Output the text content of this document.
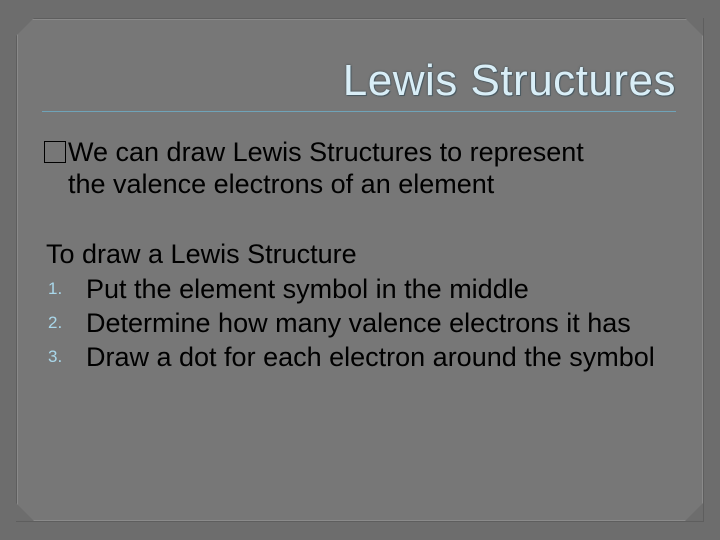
Lewis Structures
We can draw Lewis Structures to represent
the valence electrons of an element
To draw a Lewis Structure
1. Put the element symbol in the middle
2. Determine how many valence electrons it has
3. Draw a dot for each electron around the symbol
